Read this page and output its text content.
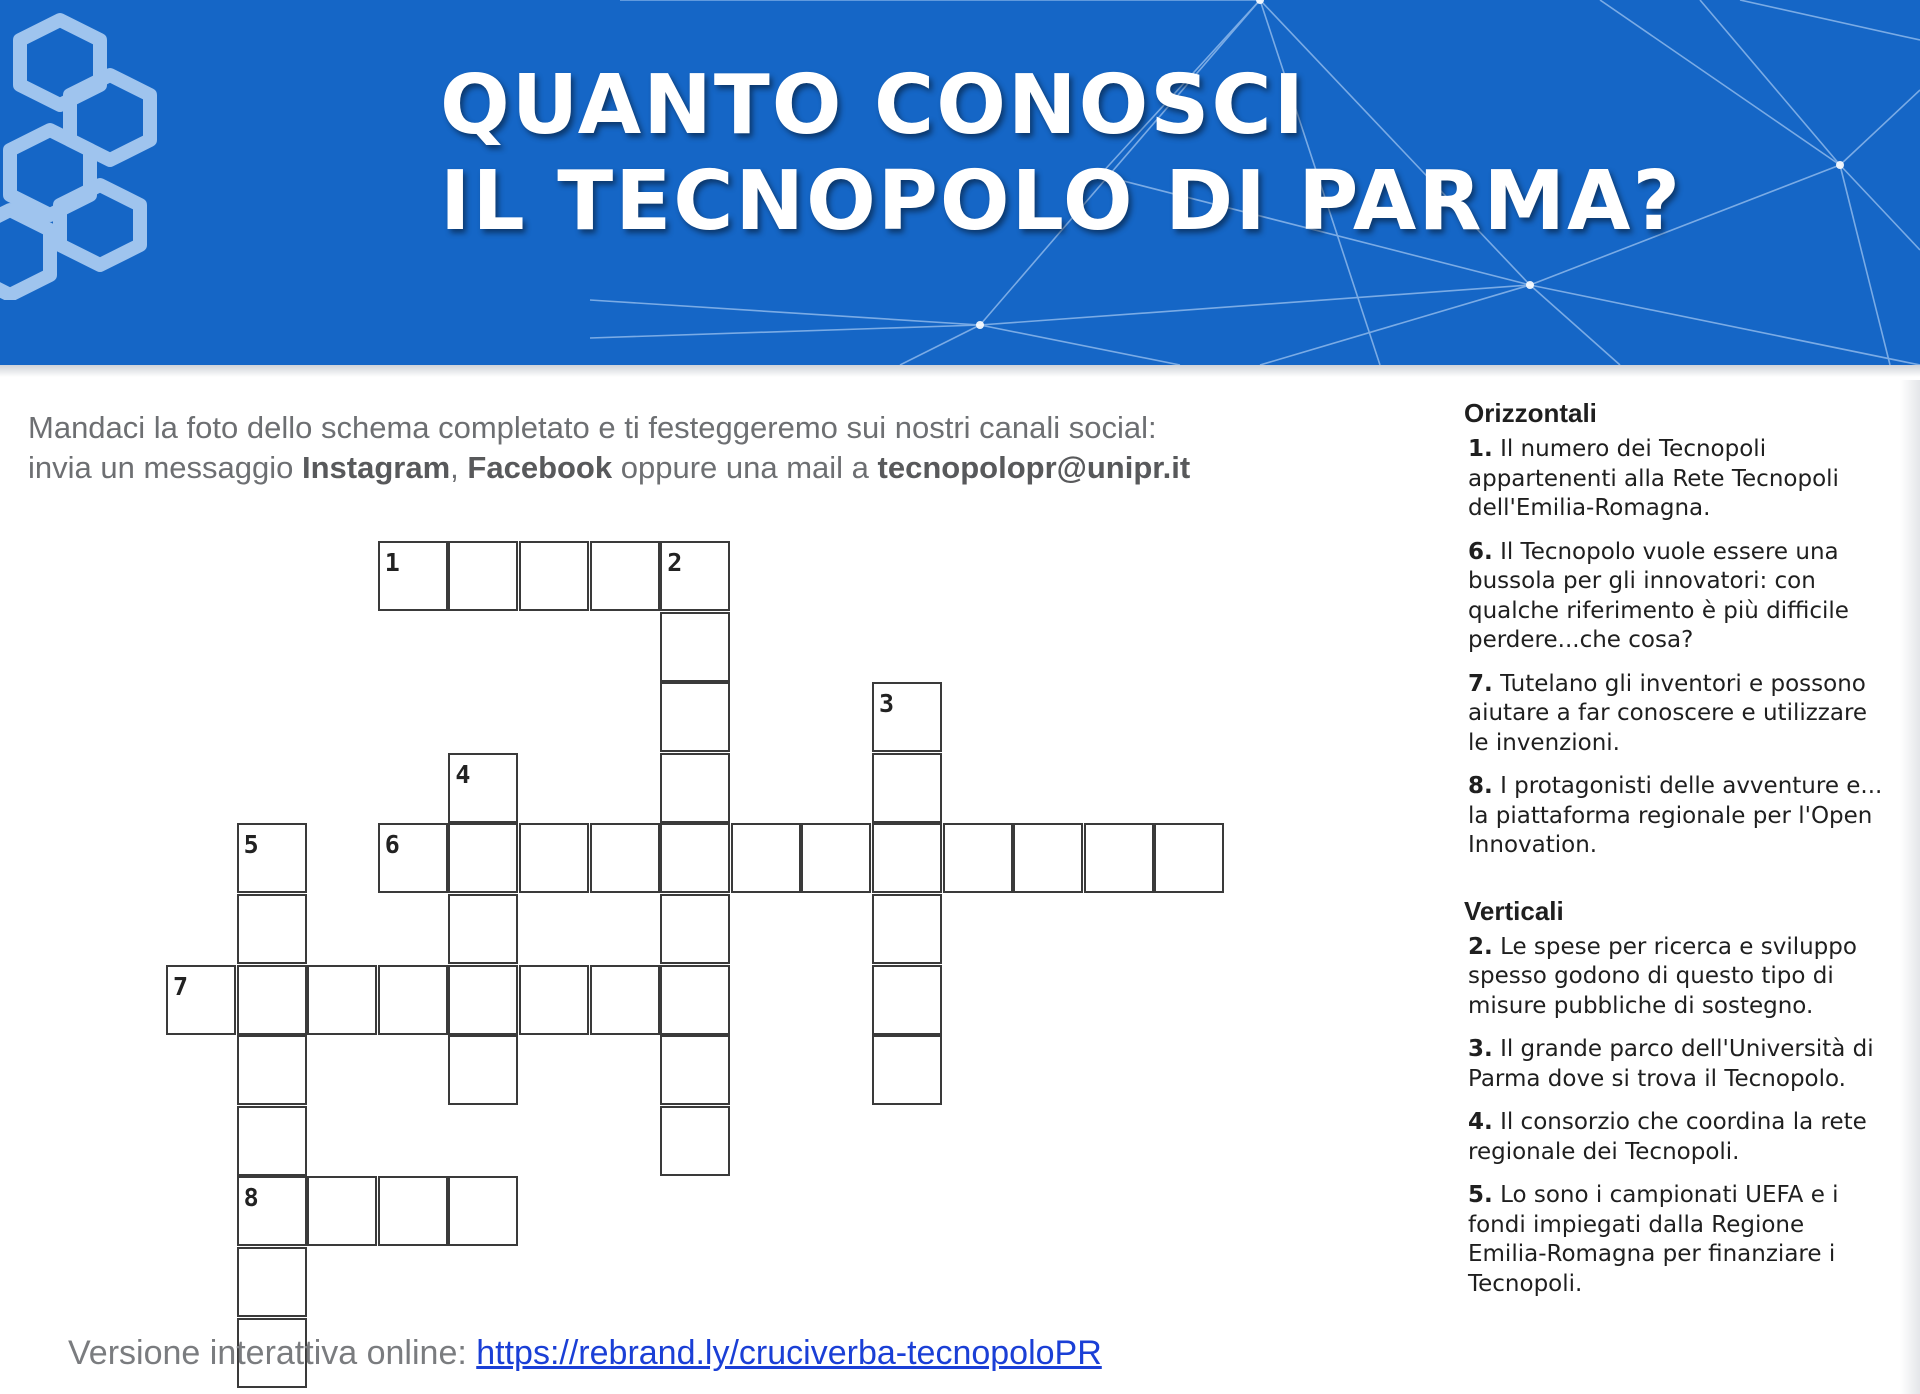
QUANTO CONOSCI
IL TECNOPOLO DI PARMA?

Mandaci la foto dello schema completato e ti festeggeremo sui nostri canali social:

invia un messaggio Instagram, Facebook oppure una mail a tecnopolopr@unipr.it

1	2
3
4
5
8
6
7
Versione interattiva online: https://rebrand.ly/cruciverba-tecnopoloPR
Orizzontali
1. Il numero dei Tecnopoli appartenenti alla Rete Tecnopoli dell'Emilia-Romagna.
6. Il Tecnopolo vuole essere una bussola per gli innovatori: con qualche riferimento è più difficile perdere...che cosa?
7. Tutelano gli inventori e possono aiutare a far conoscere e utilizzare le invenzioni.
8. I protagonisti delle avventure e... la piattaforma regionale per l'Open Innovation.
Verticali
2. Le spese per ricerca e sviluppo spesso godono di questo tipo di misure pubbliche di sostegno.
3. Il grande parco dell'Università di Parma dove si trova il Tecnopolo.
4. Il consorzio che coordina la rete regionale dei Tecnopoli.
5. Lo sono i campionati UEFA e i fondi impiegati dalla Regione Emilia-Romagna per finanziare i Tecnopoli.
